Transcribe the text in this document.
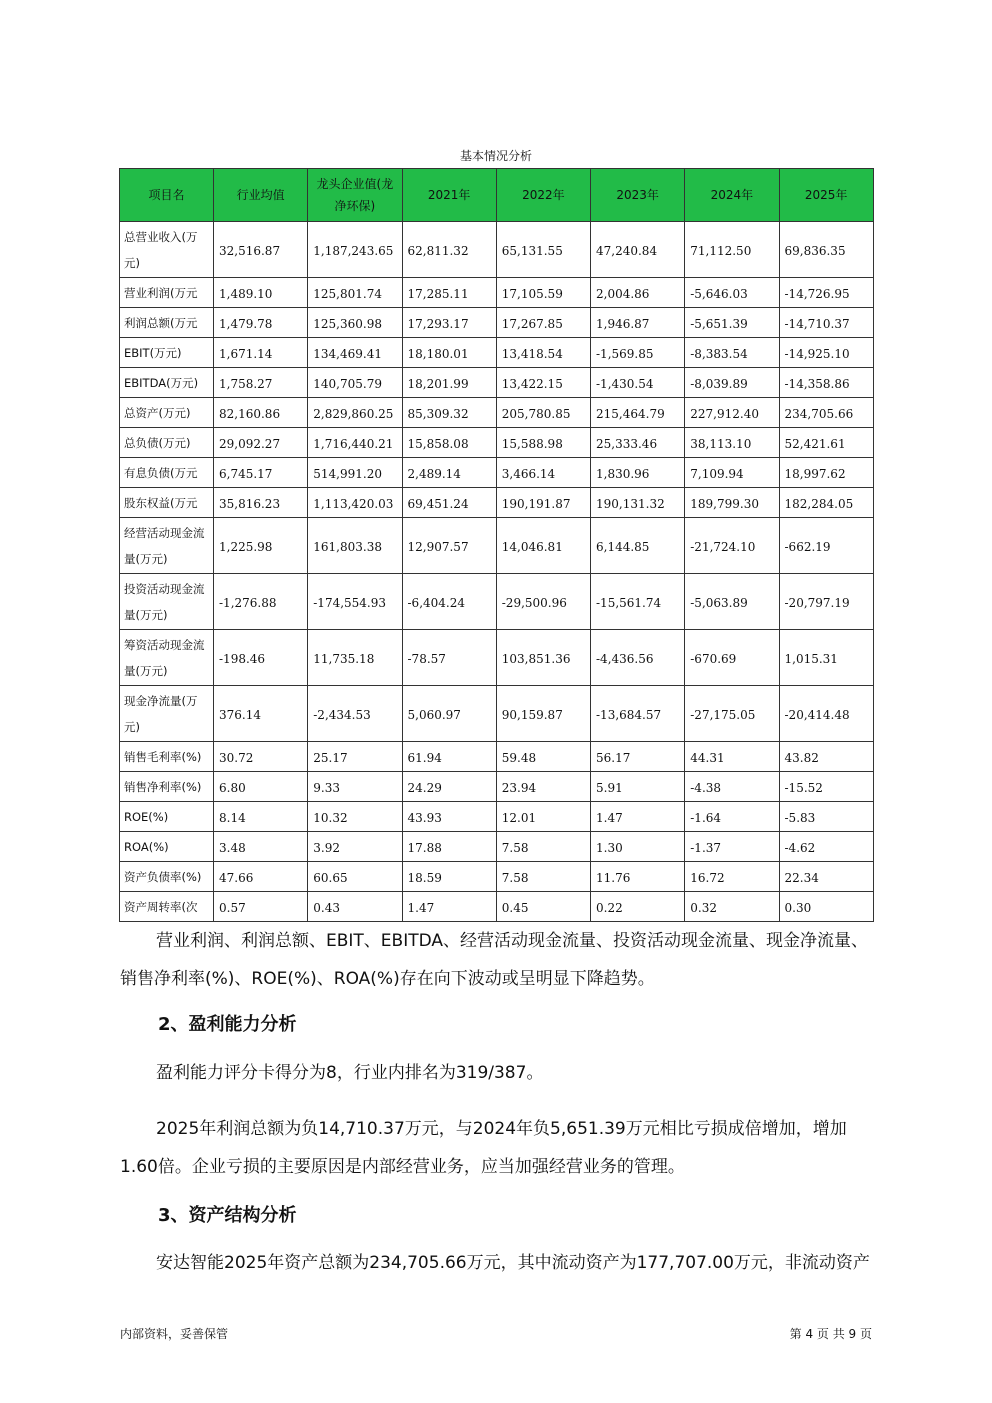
基本情况分析
项目名	行业均值	龙头企业值(龙净环保)	2021年	2022年	2023年	2024年	2025年
总营业收入(万元)	32,516.87	1,187,243.65	62,811.32	65,131.55	47,240.84	71,112.50	69,836.35
营业利润(万元	1,489.10	125,801.74	17,285.11	17,105.59	2,004.86	-5,646.03	-14,726.95
利润总额(万元	1,479.78	125,360.98	17,293.17	17,267.85	1,946.87	-5,651.39	-14,710.37
EBIT(万元)	1,671.14	134,469.41	18,180.01	13,418.54	-1,569.85	-8,383.54	-14,925.10
EBITDA(万元)	1,758.27	140,705.79	18,201.99	13,422.15	-1,430.54	-8,039.89	-14,358.86
总资产(万元)	82,160.86	2,829,860.25	85,309.32	205,780.85	215,464.79	227,912.40	234,705.66
总负债(万元)	29,092.27	1,716,440.21	15,858.08	15,588.98	25,333.46	38,113.10	52,421.61
有息负债(万元	6,745.17	514,991.20	2,489.14	3,466.14	1,830.96	7,109.94	18,997.62
股东权益(万元	35,816.23	1,113,420.03	69,451.24	190,191.87	190,131.32	189,799.30	182,284.05
经营活动现金流量(万元)	1,225.98	161,803.38	12,907.57	14,046.81	6,144.85	-21,724.10	-662.19
投资活动现金流量(万元)	-1,276.88	-174,554.93	-6,404.24	-29,500.96	-15,561.74	-5,063.89	-20,797.19
筹资活动现金流量(万元)	-198.46	11,735.18	-78.57	103,851.36	-4,436.56	-670.69	1,015.31
现金净流量(万元)	376.14	-2,434.53	5,060.97	90,159.87	-13,684.57	-27,175.05	-20,414.48
销售毛利率(%)	30.72	25.17	61.94	59.48	56.17	44.31	43.82
销售净利率(%)	6.80	9.33	24.29	23.94	5.91	-4.38	-15.52
ROE(%)	8.14	10.32	43.93	12.01	1.47	-1.64	-5.83
ROA(%)	3.48	3.92	17.88	7.58	1.30	-1.37	-4.62
资产负债率(%)	47.66	60.65	18.59	7.58	11.76	16.72	22.34
资产周转率(次	0.57	0.43	1.47	0.45	0.22	0.32	0.30
营业利润、利润总额、EBIT、EBITDA、经营活动现金流量、投资活动现金流量、现金净流量、销售净利率(%)、ROE(%)、ROA(%)存在向下波动或呈明显下降趋势。
2、盈利能力分析
盈利能力评分卡得分为8，行业内排名为319/387。
2025年利润总额为负14,710.37万元，与2024年负5,651.39万元相比亏损成倍增加，增加1.60倍。企业亏损的主要原因是内部经营业务，应当加强经营业务的管理。
3、资产结构分析
安达智能2025年资产总额为234,705.66万元，其中流动资产为177,707.00万元，非流动资产
内部资料，妥善保管	第 4 页 共 9 页
